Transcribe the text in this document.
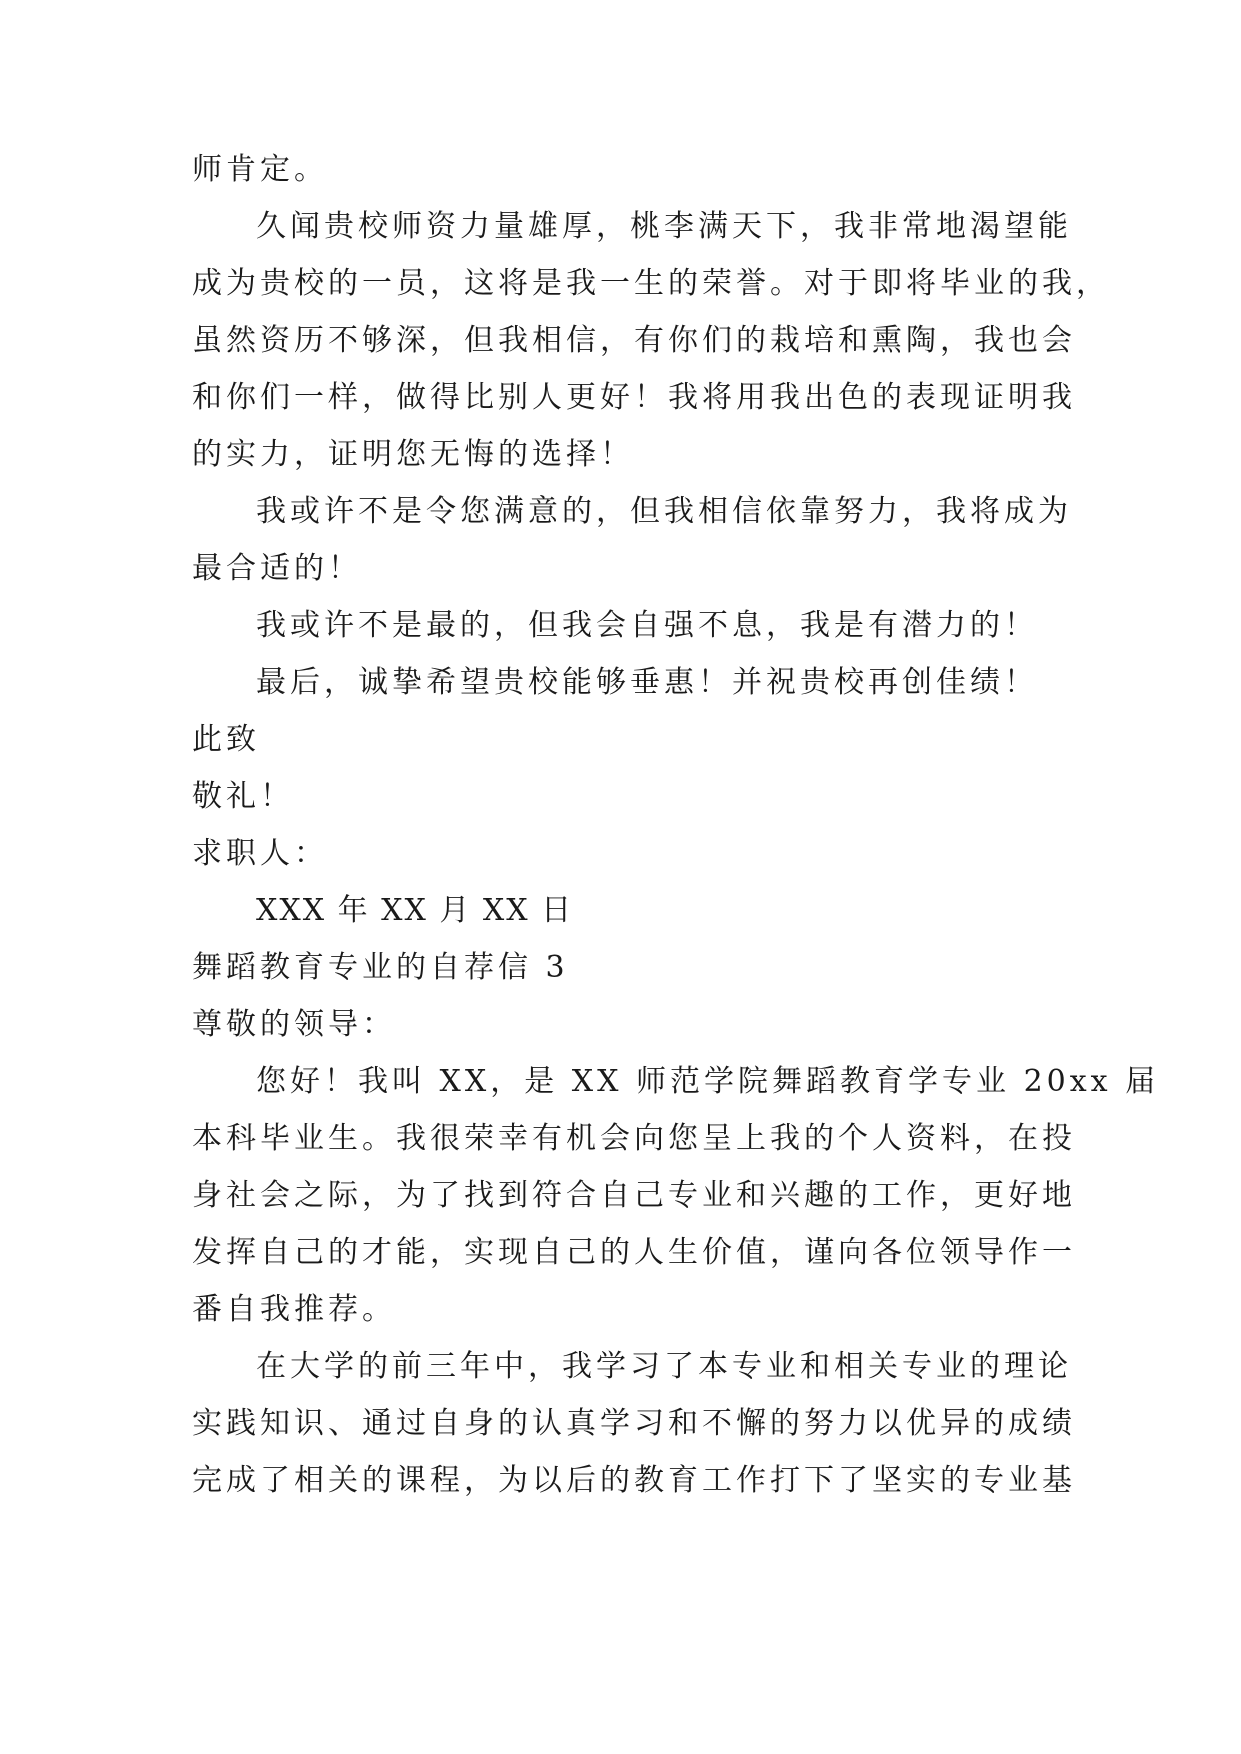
师肯定。
久闻贵校师资力量雄厚，桃李满天下，我非常地渴望能
成为贵校的一员，这将是我一生的荣誉。对于即将毕业的我，
虽然资历不够深，但我相信，有你们的栽培和熏陶，我也会
和你们一样，做得比别人更好！我将用我出色的表现证明我
的实力，证明您无悔的选择！
我或许不是令您满意的，但我相信依靠努力，我将成为
最合适的！
我或许不是最的，但我会自强不息，我是有潜力的！
最后，诚挚希望贵校能够垂惠！并祝贵校再创佳绩！
此致
敬礼！
求职人：
XXX 年 XX 月 XX 日
舞蹈教育专业的自荐信 3
尊敬的领导：
您好！我叫 XX，是 XX 师范学院舞蹈教育学专业 20xx 届
本科毕业生。我很荣幸有机会向您呈上我的个人资料，在投
身社会之际，为了找到符合自己专业和兴趣的工作，更好地
发挥自己的才能，实现自己的人生价值，谨向各位领导作一
番自我推荐。
在大学的前三年中，我学习了本专业和相关专业的理论
实践知识、通过自身的认真学习和不懈的努力以优异的成绩
完成了相关的课程，为以后的教育工作打下了坚实的专业基
